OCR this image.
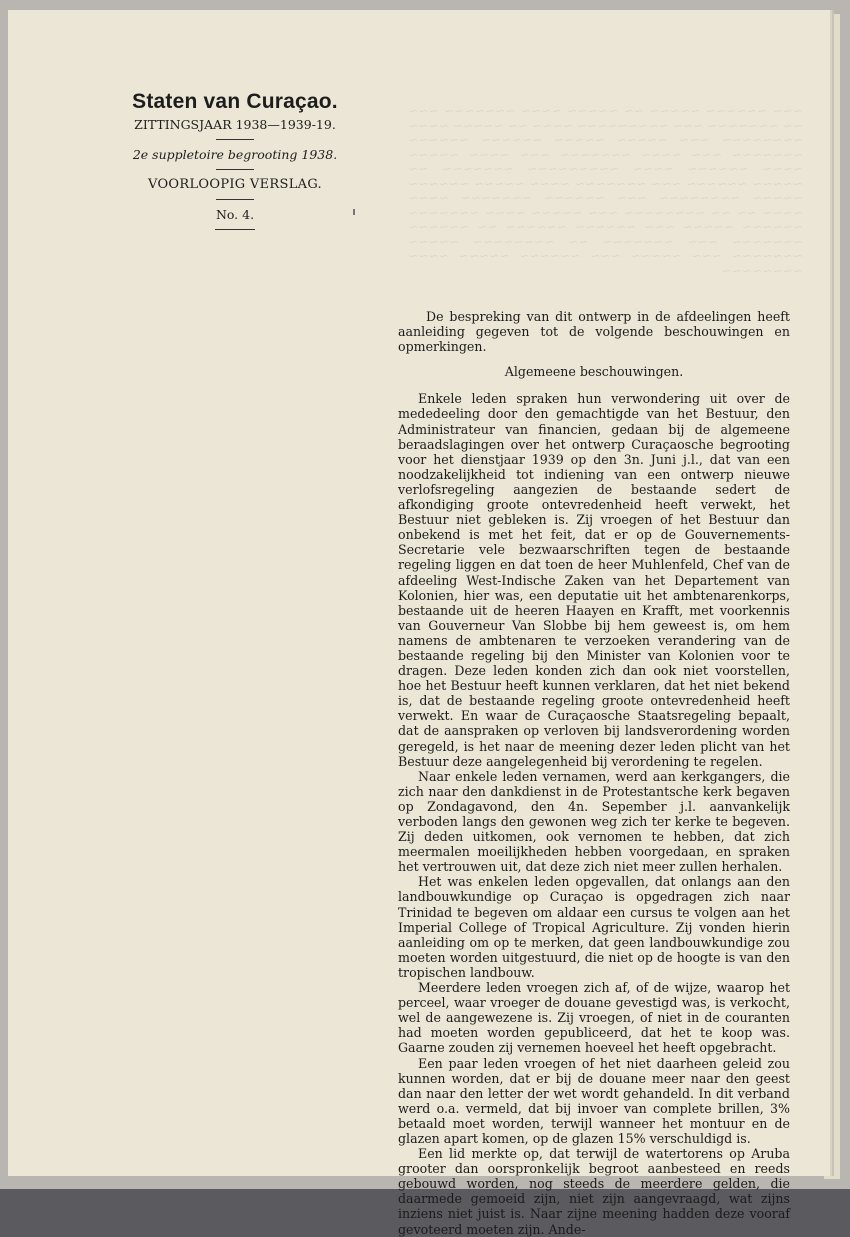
~~~ ~~~~~~ ~~~~~ ~~ ~~~~~ ~~~~ ~~~~~~~ ~~~ ~~ ~~~~~~~ ~~~ ~~~~~~~~~ ~~~~ ~~ ~~~~~ ~~~~ ~~~~~~~~ ~~~ ~~~~~ ~~~~~ ~~~~~~ ~~~~~~ ~~~~~~~ ~~~ ~~~~ ~~~~~~~ ~~~ ~~~~ ~~~~~ ~~~~ ~~~~~~ ~~~~ ~~~~~~~~~ ~~~~~~~ ~~ ~~~~~ ~~~~~~ ~~~ ~~~~~~~ ~~~~ ~~~~~ ~~~~~~ ~~~~~ ~~~~~~~~ ~~~ ~~~~~~ ~~~~~~~ ~~~~ ~~~~ ~~ ~~ ~~~~~~~~ ~~~ ~~~~~ ~~~~ ~~~~~~~ ~~~~~~ ~~~~~ ~~~ ~~~~~~ ~~~~~~ ~~ ~~~~~~ ~~~~~~~ ~~~ ~~~~~~~ ~~ ~~~~~~~~ ~~~~~ ~~~~~~~ ~~~ ~~~~~ ~~~ ~~~~~~ ~~~~~ ~~~~ ~~~~~~~~
Staten van Curaçao.
ZITTINGSJAAR 1938—1939-19.
2e suppletoire begrooting 1938.
VOORLOOPIG VERSLAG.
No. 4.

De bespreking van dit ontwerp in de afdeelingen heeft aanleiding gegeven tot de volgende beschouwingen en opmerkingen.

Algemeene beschouwingen.

Enkele leden spraken hun verwondering uit over de mededeeling door den gemachtigde van het Bestuur, den Administrateur van financien, gedaan bij de algemeene beraadslagingen over het ontwerp Curaçaosche begrooting voor het dienstjaar 1939 op den 3n. Juni j.l., dat van een noodzakelijkheid tot indiening van een ontwerp nieuwe verlofsregeling aangezien de bestaande sedert de afkondiging groote ontevredenheid heeft verwekt, het Bestuur niet gebleken is. Zij vroegen of het Bestuur dan onbekend is met het feit, dat er op de Gouvernements-Secretarie vele bezwaarschriften tegen de bestaande regeling liggen en dat toen de heer Muhlenfeld, Chef van de afdeeling West-Indische Zaken van het Departement van Kolonien, hier was, een deputatie uit het ambtenarenkorps, bestaande uit de heeren Haayen en Krafft, met voorkennis van Gouverneur Van Slobbe bij hem geweest is, om hem namens de ambtenaren te verzoeken verandering van de bestaande regeling bij den Minister van Kolonien voor te dragen. Deze leden konden zich dan ook niet voorstellen, hoe het Bestuur heeft kunnen verklaren, dat het niet bekend is, dat de bestaande regeling groote ontevredenheid heeft verwekt. En waar de Curaçaosche Staatsregeling bepaalt, dat de aanspraken op verloven bij landsverordening worden geregeld, is het naar de meening dezer leden plicht van het Bestuur deze aangelegenheid bij verordening te regelen.

Naar enkele leden vernamen, werd aan kerkgangers, die zich naar den dankdienst in de Protestantsche kerk begaven op Zondagavond, den 4n. Sepember j.l. aanvankelijk verboden langs den gewonen weg zich ter kerke te begeven. Zij deden uitkomen, ook vernomen te hebben, dat zich meermalen moeilijkheden hebben voorgedaan, en spraken het vertrouwen uit, dat deze zich niet meer zullen herhalen.

Het was enkelen leden opgevallen, dat onlangs aan den landbouwkundige op Curaçao is opgedragen zich naar Trinidad te begeven om aldaar een cursus te volgen aan het Imperial College of Tropical Agriculture. Zij vonden hierin aanleiding om op te merken, dat geen landbouwkundige zou moeten worden uitgestuurd, die niet op de hoogte is van den tropischen landbouw.

Meerdere leden vroegen zich af, of de wijze, waarop het perceel, waar vroeger de douane gevestigd was, is verkocht, wel de aangewezene is. Zij vroegen, of niet in de couranten had moeten worden gepubliceerd, dat het te koop was. Gaarne zouden zij vernemen hoeveel het heeft opgebracht.

Een paar leden vroegen of het niet daarheen geleid zou kunnen worden, dat er bij de douane meer naar den geest dan naar den letter der wet wordt gehandeld. In dit verband werd o.a. vermeld, dat bij invoer van complete brillen, 3% betaald moet worden, terwijl wanneer het montuur en de glazen apart komen, op de glazen 15% verschuldigd is.

Een lid merkte op, dat terwijl de watertorens op Aruba grooter dan oorspronkelijk begroot aanbesteed en reeds gebouwd worden, nog steeds de meerdere gelden, die daarmede gemoeid zijn, niet zijn aangevraagd, wat zijns inziens niet juist is. Naar zijne meening hadden deze vooraf gevoteerd moeten zijn. Ande-
